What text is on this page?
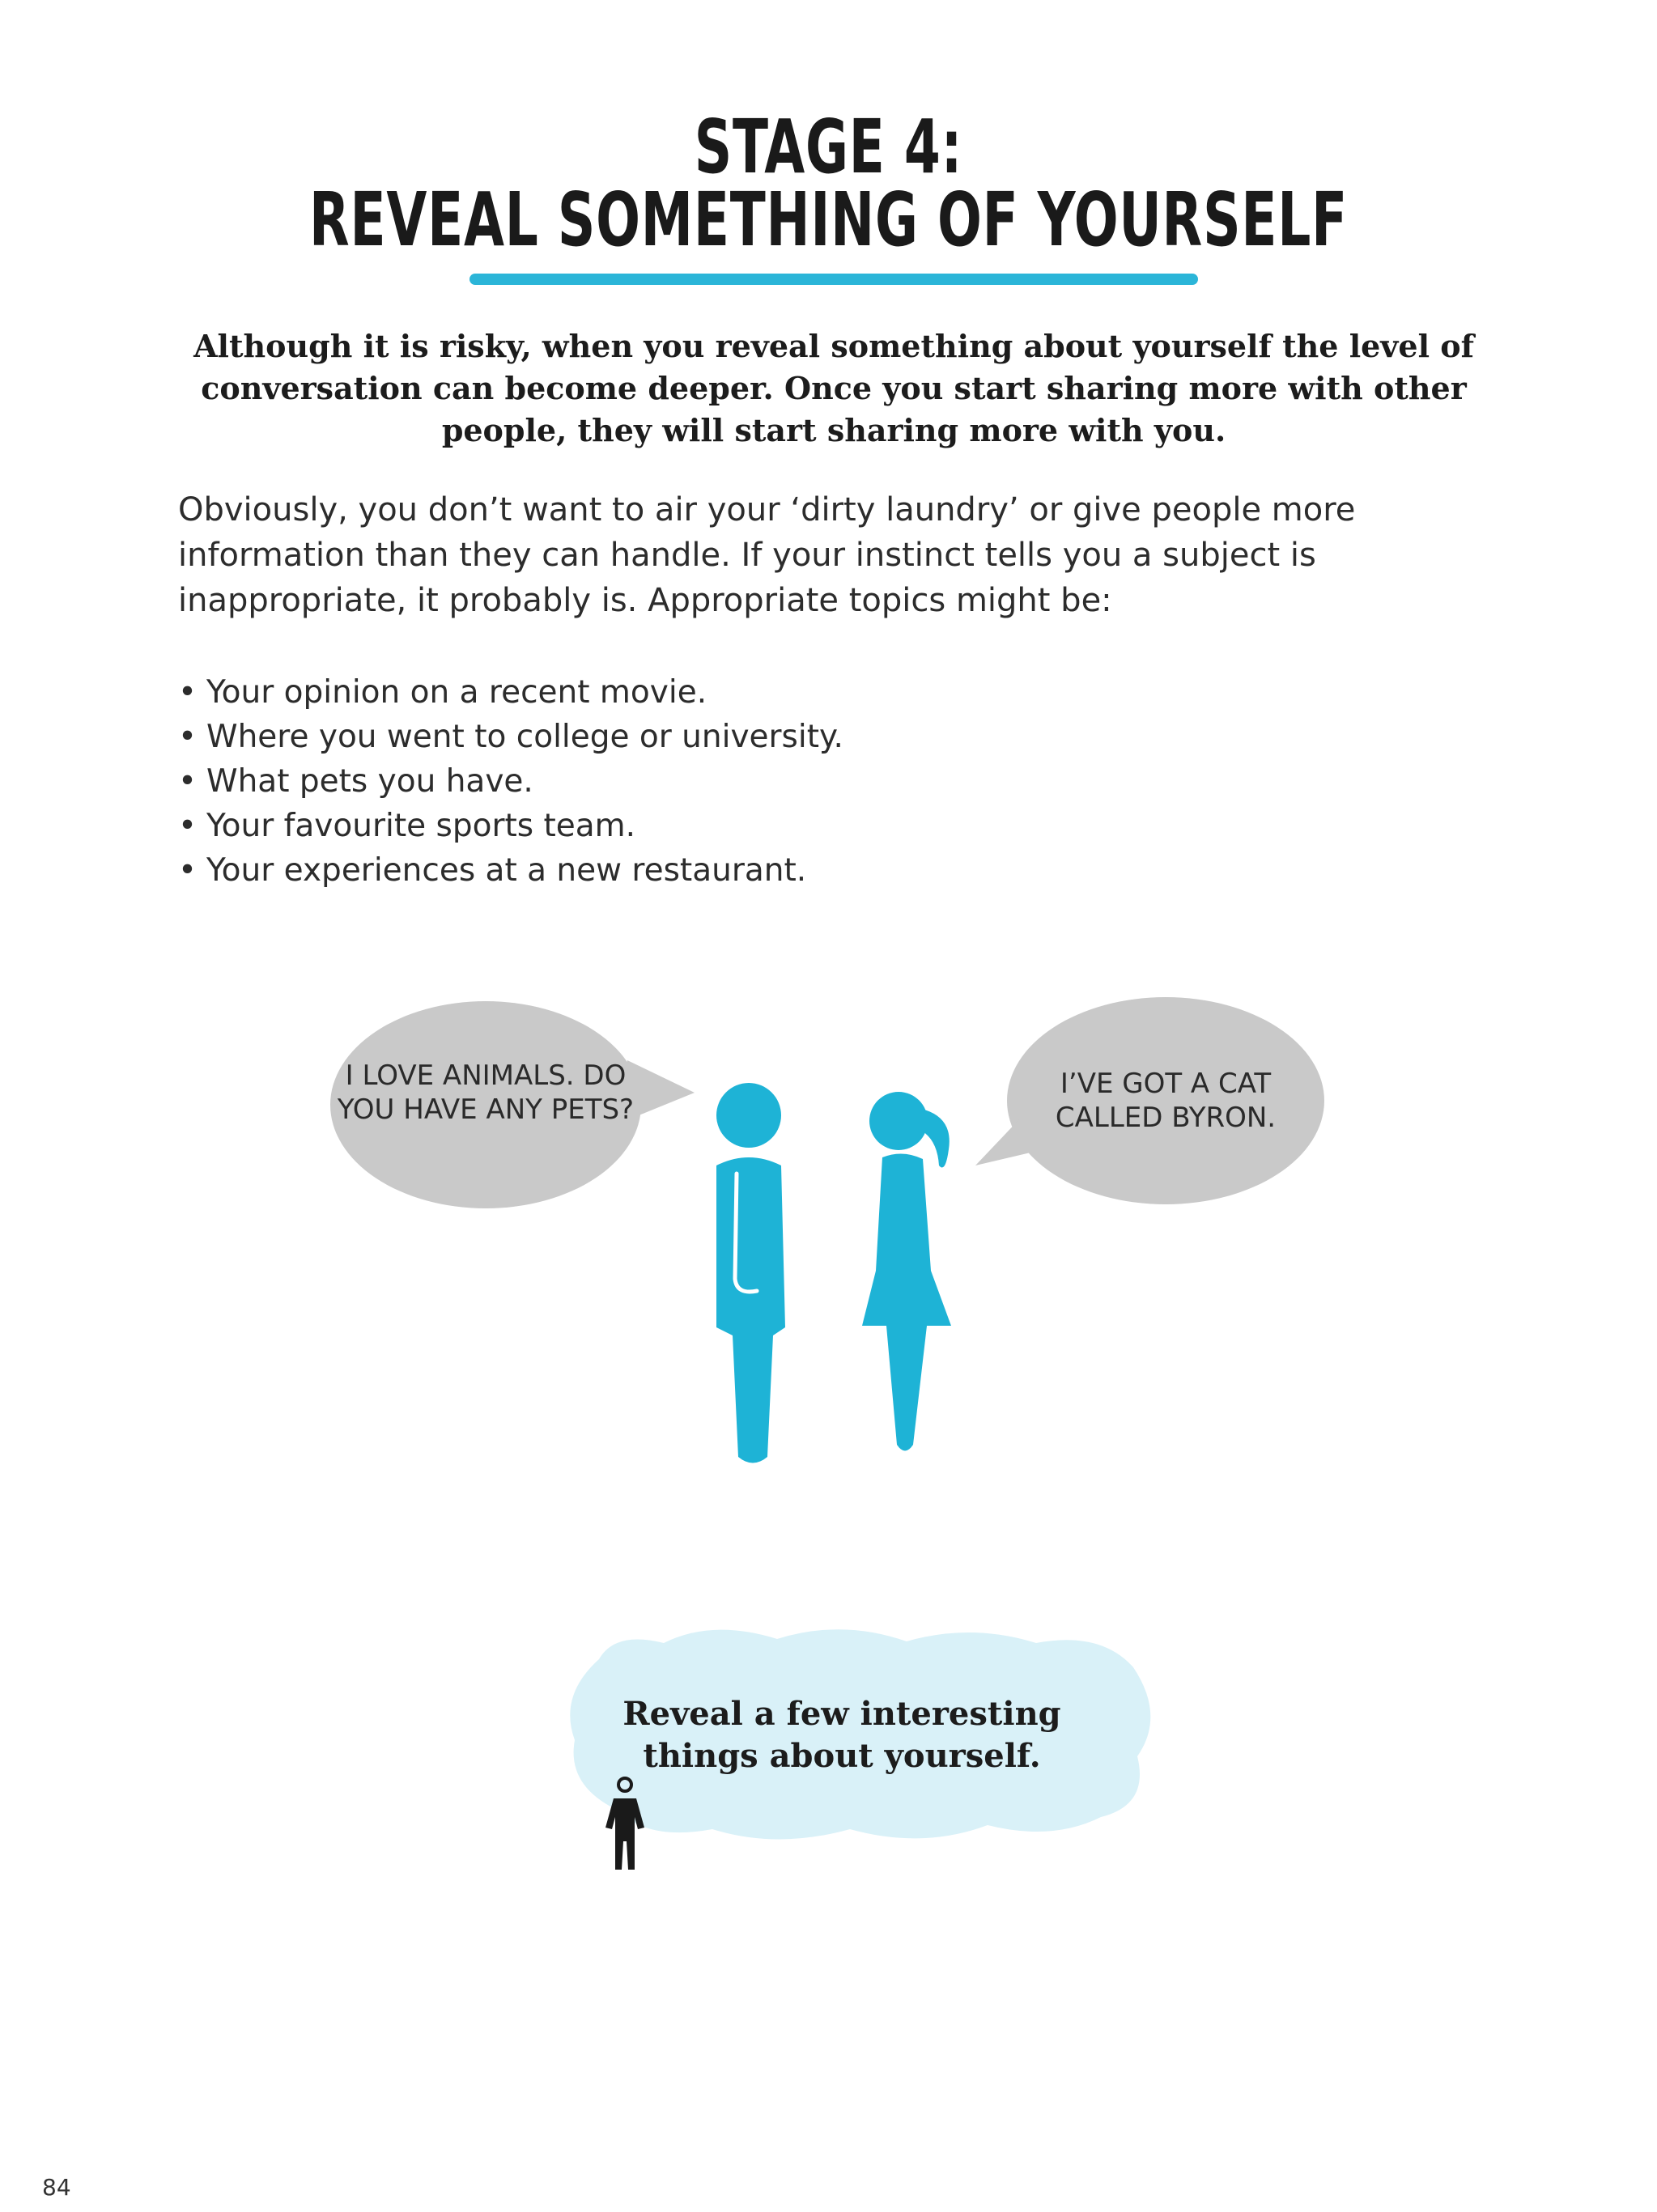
STAGE 4:
REVEAL SOMETHING OF YOURSELF
Although it is risky, when you reveal something about yourself the level of conversation can become deeper. Once you start sharing more with other people, they will start sharing more with you.
Obviously, you don’t want to air your ‘dirty laundry’ or give people more information than they can handle. If your instinct tells you a subject is inappropriate, it probably is. Appropriate topics might be:
• Your opinion on a recent movie.
• Where you went to college or university.
• What pets you have.
• Your favourite sports team.
• Your experiences at a new restaurant.
I LOVE ANIMALS. DO YOU HAVE ANY PETS?
I’VE GOT A CAT CALLED BYRON.
Reveal a few interesting things about yourself.
84
